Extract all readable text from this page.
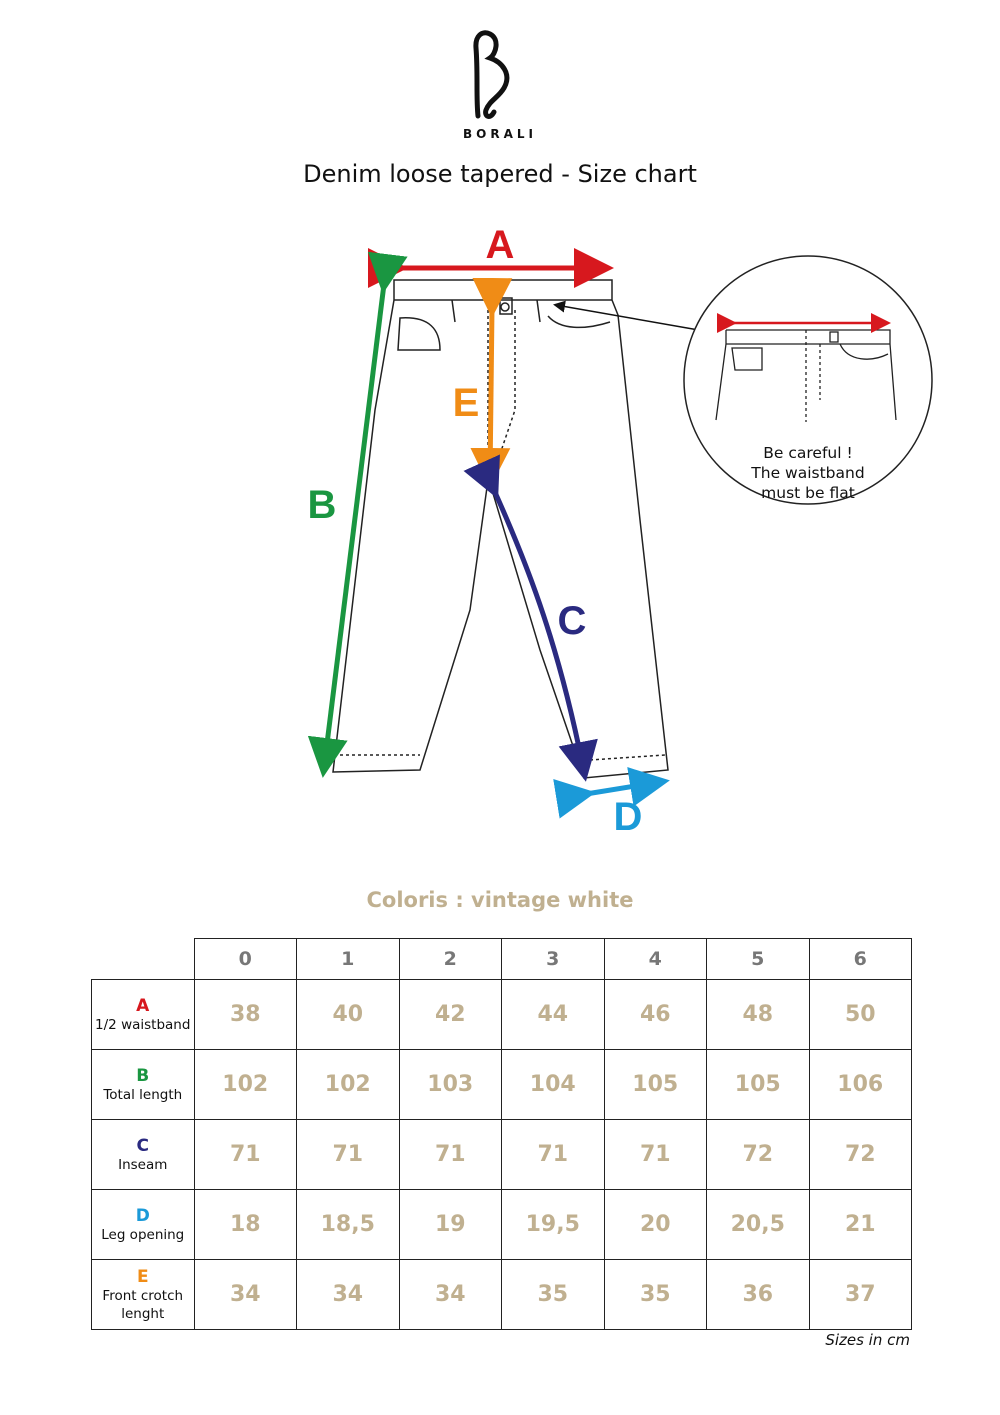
BORALI
Denim loose tapered - Size chart
A
B
E
C
D
Be careful !
The waistband
must be flat
Coloris : vintage white
	0	1	2	3	4	5	6

A
1/2 waistband	38	40	42	44	46	48	50

B
Total length	102	102	103	104	105	105	106

C
Inseam	71	71	71	71	71	72	72

D
Leg opening	18	18,5	19	19,5	20	20,5	21

E
Front crotch
lenght	34	34	34	35	35	36	37
Sizes in cm
